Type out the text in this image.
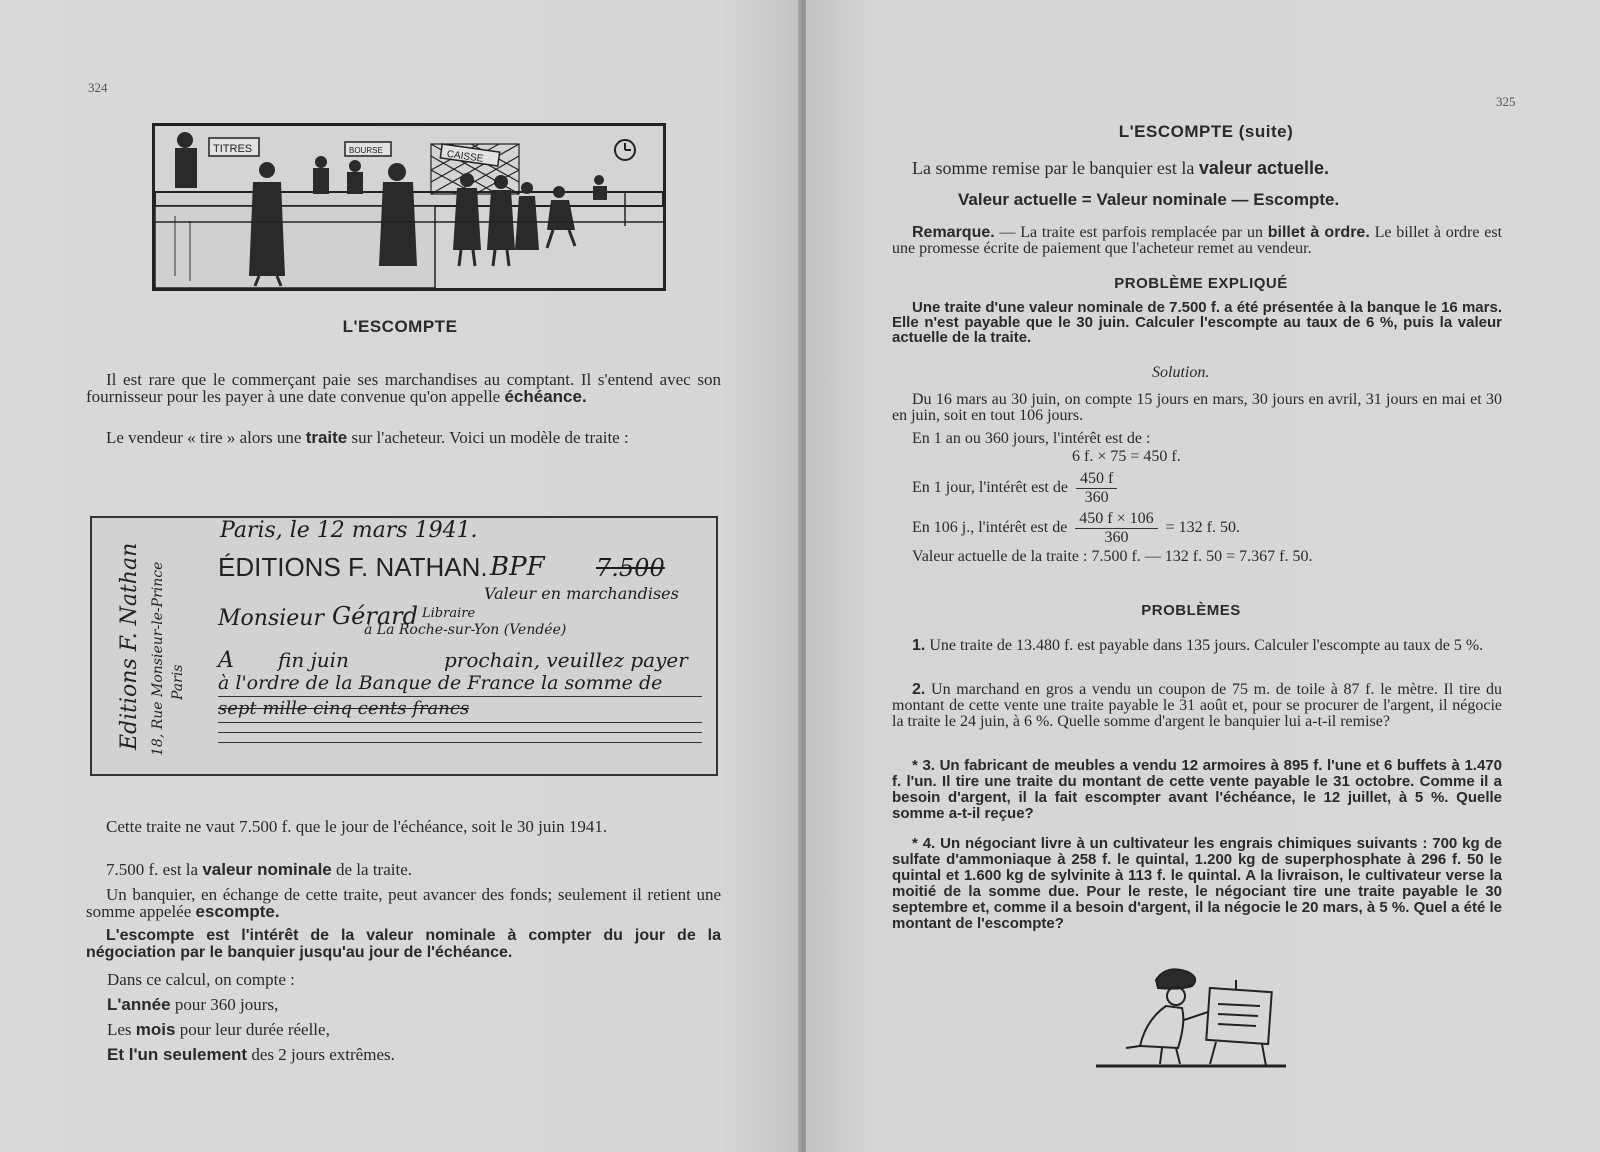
324
TITRES	BOURSE	CAISSE
L'ESCOMPTE
Il est rare que le commerçant paie ses marchandises au comptant. Il s'entend avec son fournisseur pour les payer à une date convenue qu'on appelle échéance.
Le vendeur « tire » alors une traite sur l'acheteur. Voici un modèle de traite :
Editions F. Nathan 18, Rue Monsieur-le-Prince Paris
Paris, le 12 mars 1941.
ÉDITIONS F. NATHAN. BPF 7.500
Valeur en marchandises
Monsieur Gérard Libraire
à La Roche-sur-Yon (Vendée)
A fin juin	prochain, veuillez payer
à l'ordre de la Banque de France la somme de
sept mille cinq cents francs
Cette traite ne vaut 7.500 f. que le jour de l'échéance, soit le 30 juin 1941.
7.500 f. est la valeur nominale de la traite.
Un banquier, en échange de cette traite, peut avancer des fonds; seulement il retient une somme appelée escompte.
L'escompte est l'intérêt de la valeur nominale à compter du jour de la négociation par le banquier jusqu'au jour de l'échéance.
Dans ce calcul, on compte :
L'année pour 360 jours,
Les mois pour leur durée réelle,
Et l'un seulement des 2 jours extrêmes.
325
L'ESCOMPTE (suite)
La somme remise par le banquier est la valeur actuelle.
Valeur actuelle = Valeur nominale — Escompte.
Remarque. — La traite est parfois remplacée par un billet à ordre. Le billet à ordre est une promesse écrite de paiement que l'acheteur remet au vendeur.
PROBLÈME EXPLIQUÉ
Une traite d'une valeur nominale de 7.500 f. a été présentée à la banque le 16 mars. Elle n'est payable que le 30 juin. Calculer l'escompte au taux de 6 %, puis la valeur actuelle de la traite.
Solution.
Du 16 mars au 30 juin, on compte 15 jours en mars, 30 jours en avril, 31 jours en mai et 30 en juin, soit en tout 106 jours.
En 1 an ou 360 jours, l'intérêt est de :
6 f. × 75 = 450 f.
En 1 jour, l'intérêt est de $\frac{450 f}{360}$
En 106 j., l'intérêt est de $\frac{450 f \times 106}{360} = 132$ f. 50.
Valeur actuelle de la traite : 7.500 f. — 132 f. 50 = 7.367 f. 50.
PROBLÈMES
1. Une traite de 13.480 f. est payable dans 135 jours. Calculer l'escompte au taux de 5 %.
2. Un marchand en gros a vendu un coupon de 75 m. de toile à 87 f. le mètre. Il tire du montant de cette vente une traite payable le 31 août et, pour se procurer de l'argent, il négocie la traite le 24 juin, à 6 %. Quelle somme d'argent le banquier lui a-t-il remise?
* 3. Un fabricant de meubles a vendu 12 armoires à 895 f. l'une et 6 buffets à 1.470 f. l'un. Il tire une traite du montant de cette vente payable le 31 octobre. Comme il a besoin d'argent, il la fait escompter avant l'échéance, le 12 juillet, à 5 %. Quelle somme a-t-il reçue?
* 4. Un négociant livre à un cultivateur les engrais chimiques suivants : 700 kg de sulfate d'ammoniaque à 258 f. le quintal, 1.200 kg de superphosphate à 296 f. 50 le quintal et 1.600 kg de sylvinite à 113 f. le quintal. A la livraison, le cultivateur verse la moitié de la somme due. Pour le reste, le négociant tire une traite payable le 30 septembre et, comme il a besoin d'argent, il la négocie le 20 mars, à 5 %. Quel a été le montant de l'escompte?
